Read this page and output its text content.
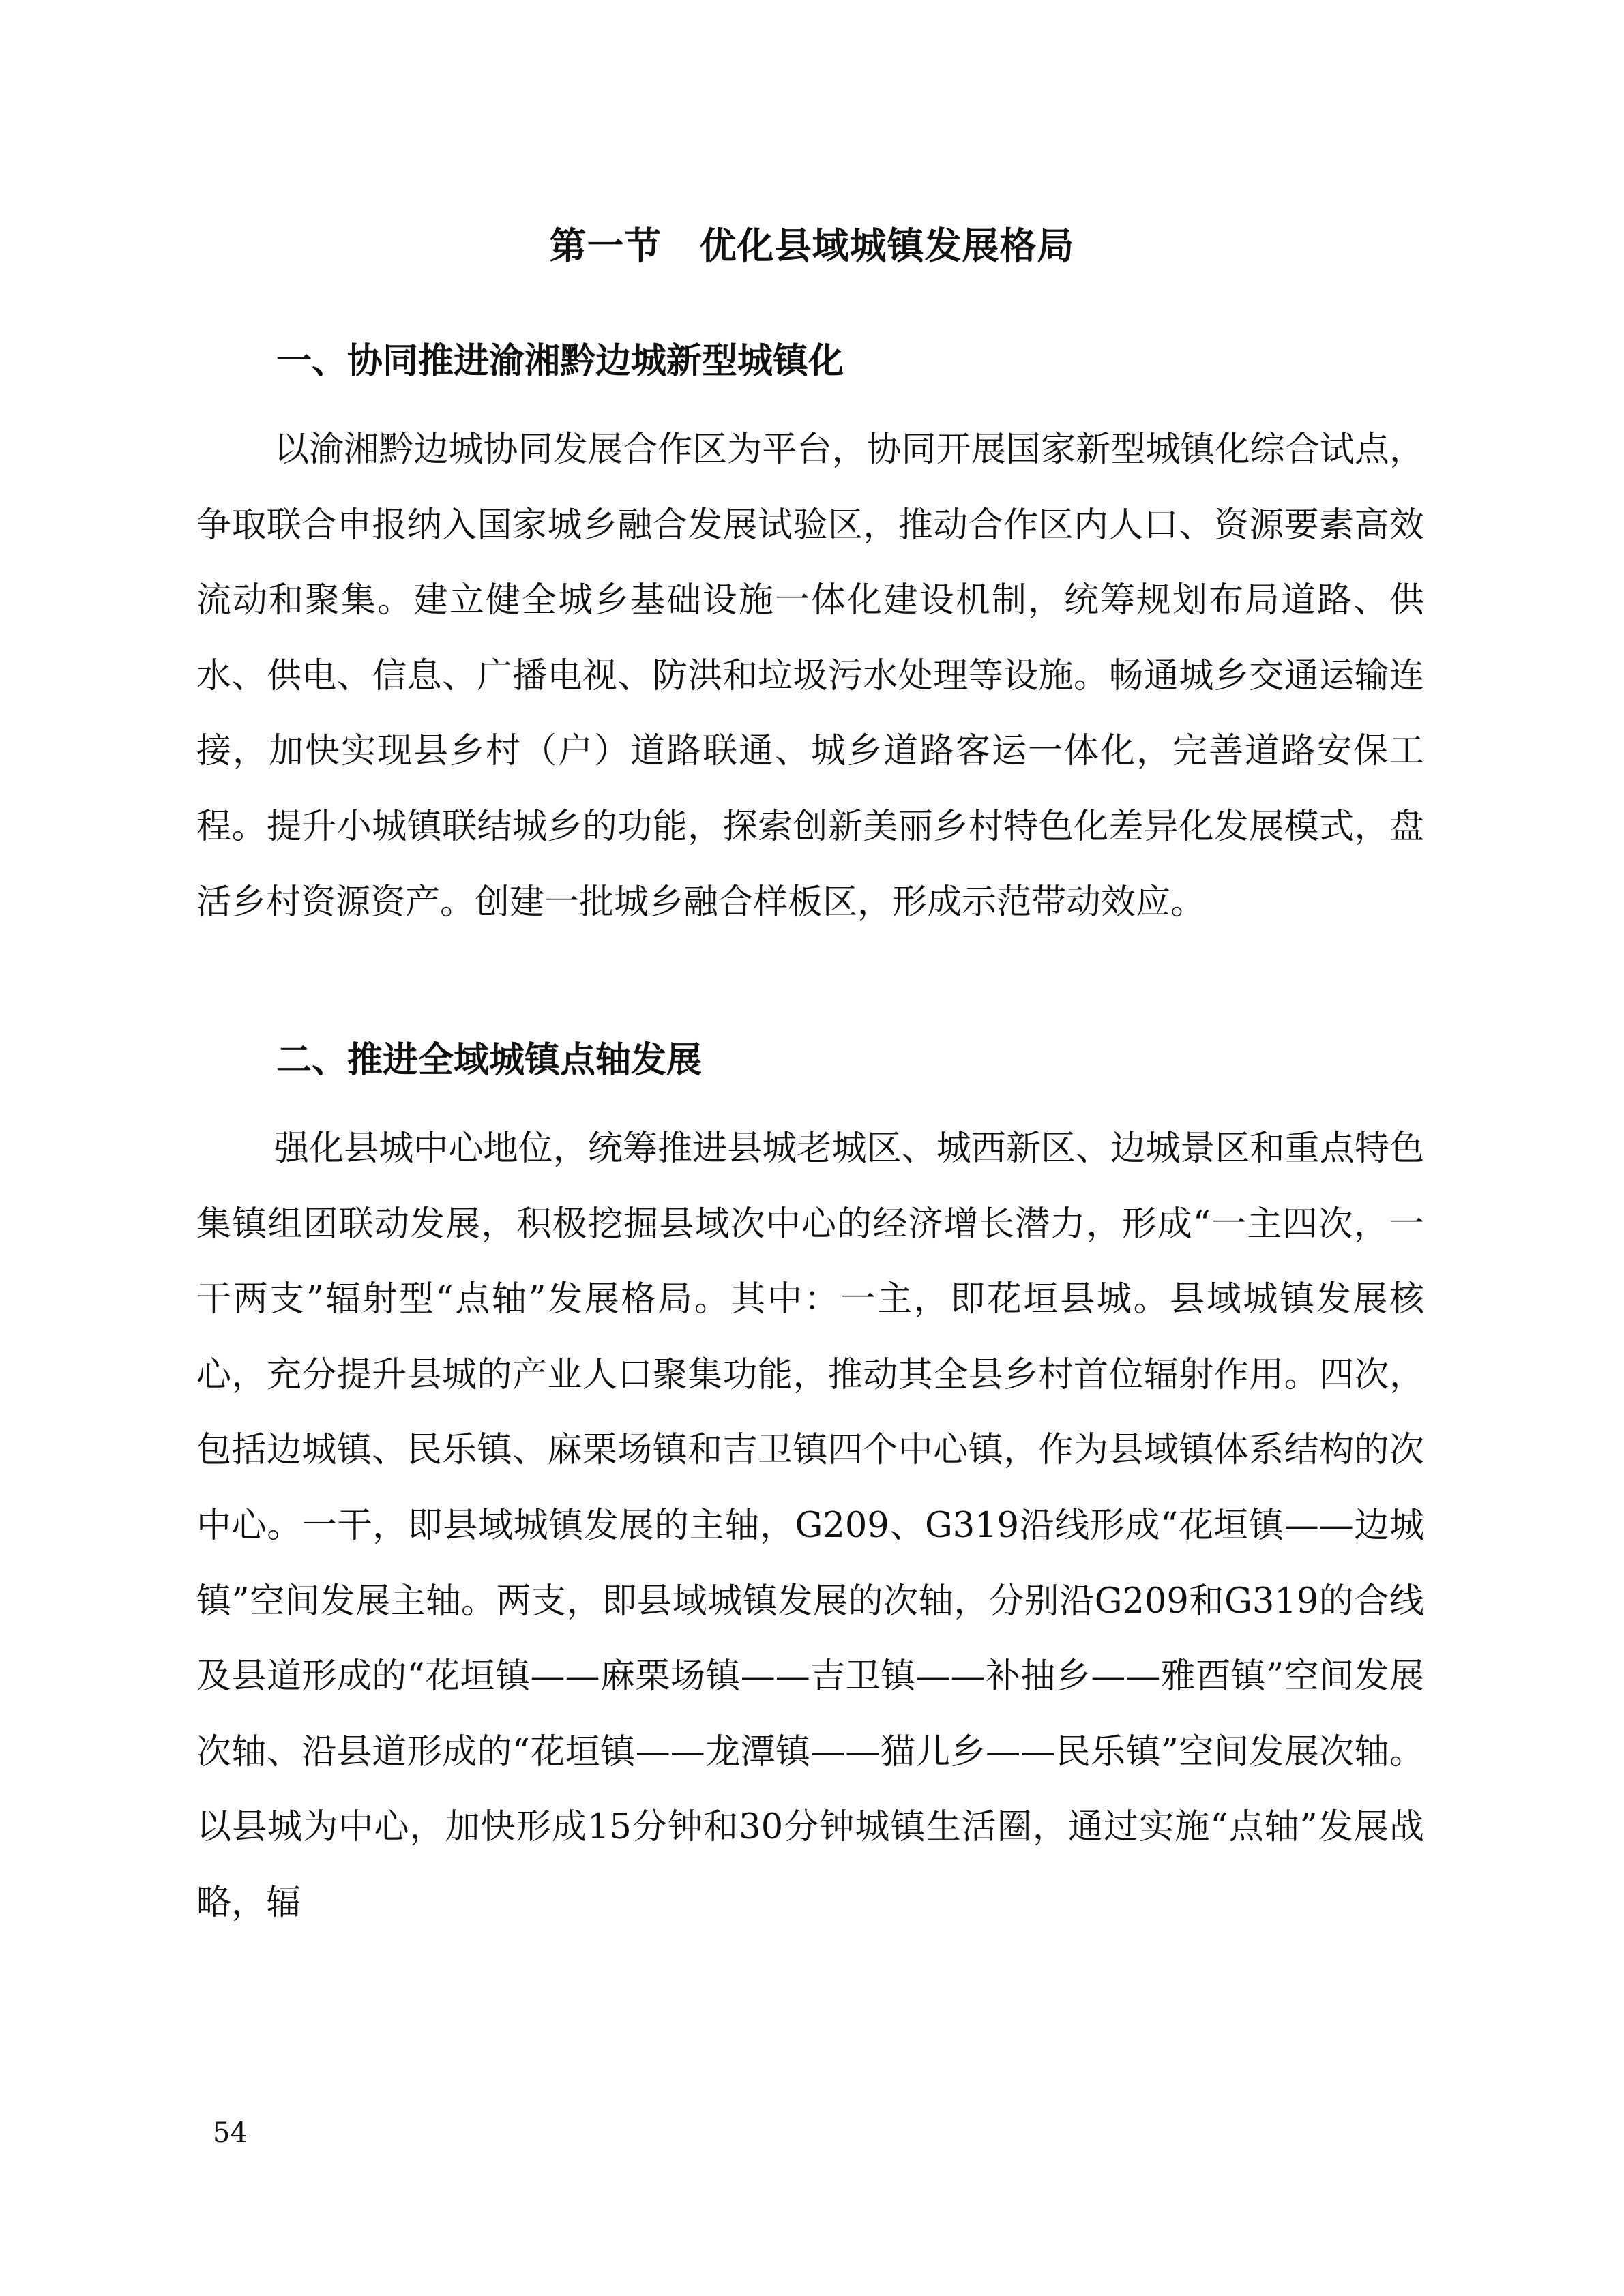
第一节　优化县域城镇发展格局
一、协同推进渝湘黔边城新型城镇化

以渝湘黔边城协同发展合作区为平台，协同开展国家新型城镇化综合试点，争取联合申报纳入国家城乡融合发展试验区，推动合作区内人口、资源要素高效流动和聚集。建立健全城乡基础设施一体化建设机制，统筹规划布局道路、供水、供电、信息、广播电视、防洪和垃圾污水处理等设施。畅通城乡交通运输连接，加快实现县乡村（户）道路联通、城乡道路客运一体化，完善道路安保工程。提升小城镇联结城乡的功能，探索创新美丽乡村特色化差异化发展模式，盘活乡村资源资产。创建一批城乡融合样板区，形成示范带动效应。

二、推进全域城镇点轴发展

强化县城中心地位，统筹推进县城老城区、城西新区、边城景区和重点特色集镇组团联动发展，积极挖掘县域次中心的经济增长潜力，形成“一主四次，一干两支”辐射型“点轴”发展格局。其中：一主，即花垣县城。县域城镇发展核心，充分提升县城的产业人口聚集功能，推动其全县乡村首位辐射作用。四次，包括边城镇、民乐镇、麻栗场镇和吉卫镇四个中心镇，作为县域镇体系结构的次中心。一干，即县域城镇发展的主轴，G209、G319沿线形成“花垣镇——边城镇”空间发展主轴。两支，即县域城镇发展的次轴，分别沿G209和G319的合线及县道形成的“花垣镇——麻栗场镇——吉卫镇——补抽乡——雅酉镇”空间发展次轴、沿县道形成的“花垣镇——龙潭镇——猫儿乡——民乐镇”空间发展次轴。以县城为中心，加快形成15分钟和30分钟城镇生活圈，通过实施“点轴”发展战略，辐

54
